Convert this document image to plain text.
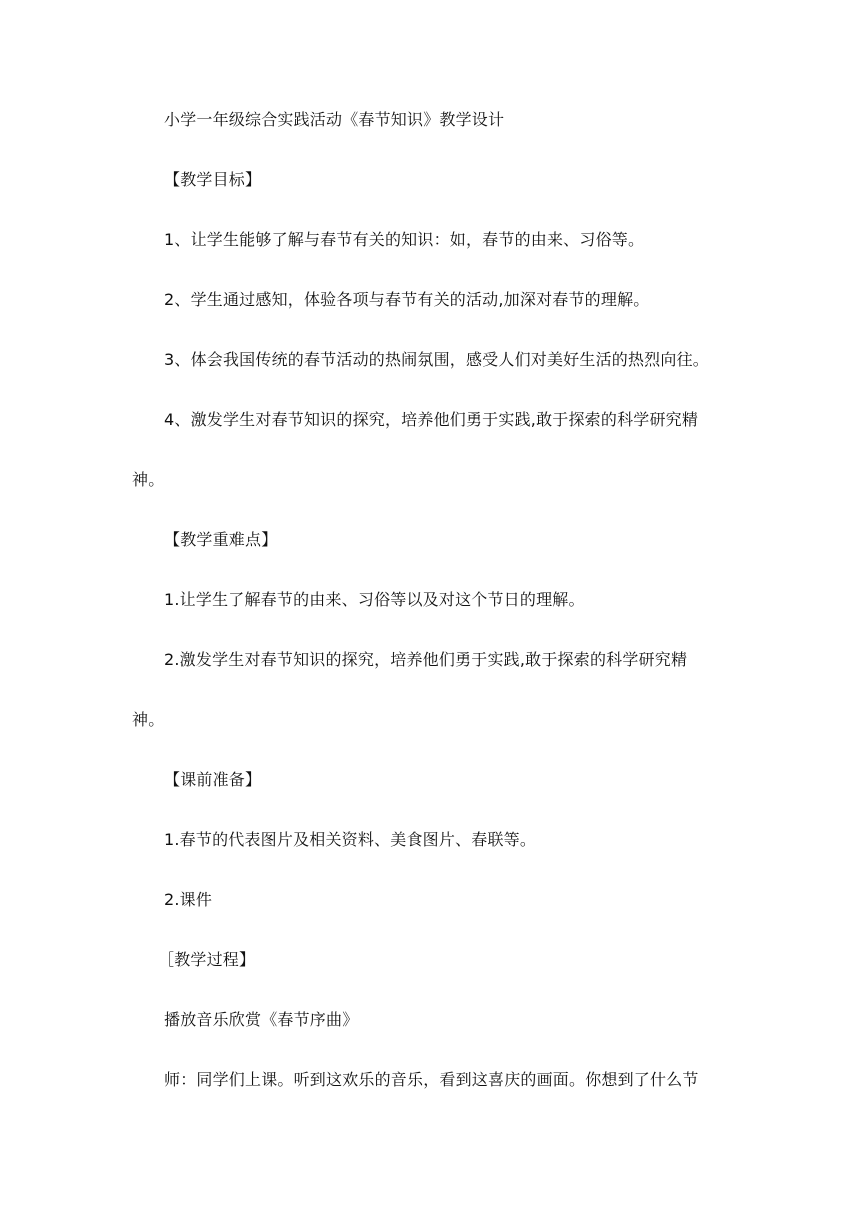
小学一年级综合实践活动《春节知识》教学设计
【教学目标】
1、让学生能够了解与春节有关的知识：如，春节的由来、习俗等。
2、学生通过感知，体验各项与春节有关的活动,加深对春节的理解。
3、体会我国传统的春节活动的热闹氛围，感受人们对美好生活的热烈向往。
4、激发学生对春节知识的探究，培养他们勇于实践,敢于探索的科学研究精
神。
【教学重难点】
1.让学生了解春节的由来、习俗等以及对这个节日的理解。
2.激发学生对春节知识的探究，培养他们勇于实践,敢于探索的科学研究精
神。
【课前准备】
1.春节的代表图片及相关资料、美食图片、春联等。
2.课件
［教学过程】
播放音乐欣赏《春节序曲》
师：同学们上课。听到这欢乐的音乐，看到这喜庆的画面。你想到了什么节
